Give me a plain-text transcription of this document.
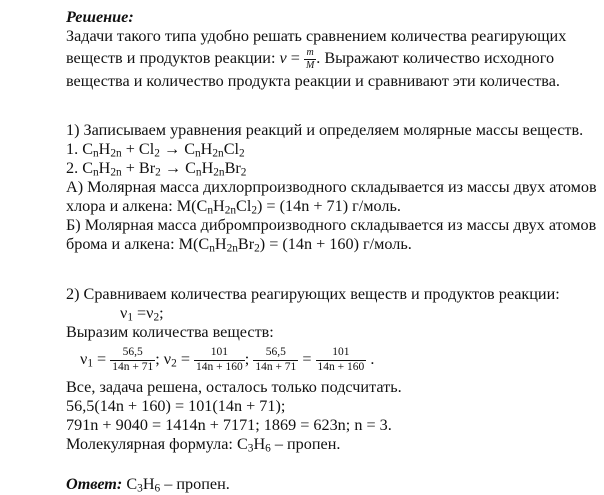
Решение:
Задачи такого типа удобно решать сравнением количества реагирующих
веществ и продуктов реакции: $\nu = \frac{m}{M}$ . Выражают количество исходного
вещества и количество продукта реакции и сравнивают эти количества.
1) Записываем уравнения реакций и определяем молярные массы веществ.
1. $C_nH_{2n} + Cl_2 \to C_nH_{2n}Cl_2$
2. $C_nH_{2n} + Br_2 \to C_nH_{2n}Br_2$
А) Молярная масса дихлорпроизводного складывается из массы двух атомов
хлора и алкена: $M(C_nH_{2n}Cl_2) = (14n + 71)$ г/моль.
Б) Молярная масса дибромпроизводного складывается из массы двух атомов
брома и алкена: $M(C_nH_{2n}Br_2) = (14n + 160)$ г/моль.
2) Сравниваем количества реагирующих веществ и продуктов реакции:
$\nu_1 =\nu_2$;
Выразим количества веществ:
$\nu_1 = \frac{56,5}{14n + 71}$ ; $\nu_2 = \frac{101}{14n + 160}$ ; $\frac{56,5}{14n + 71} = \frac{101}{14n + 160}$ .
Все, задача решена, осталось только подсчитать.
56,5(14n + 160) = 101(14n + 71);
791n + 9040 = 1414n + 7171; 1869 = 623n; n = 3.
Молекулярная формула: $C_3H_6$ – пропен.
Ответ: $C_3H_6$ – пропен.
